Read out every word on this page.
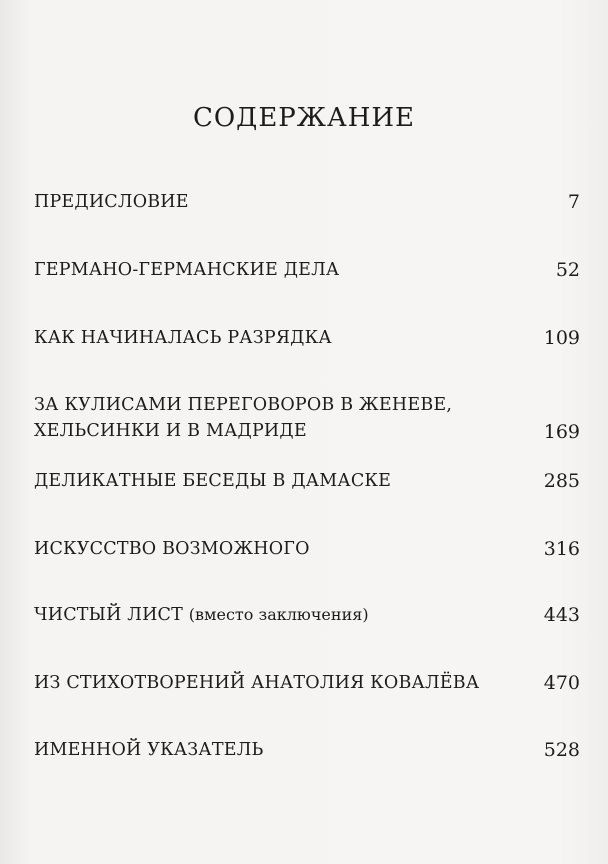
СОДЕРЖАНИЕ
ПРЕДИСЛОВИЕ	7
ГЕРМАНО-ГЕРМАНСКИЕ ДЕЛА	52
КАК НАЧИНАЛАСЬ РАЗРЯДКА	109
ЗА КУЛИСАМИ ПЕРЕГОВОРОВ В ЖЕНЕВЕ,
ХЕЛЬСИНКИ И В МАДРИДЕ	169
ДЕЛИКАТНЫЕ БЕСЕДЫ В ДАМАСКЕ	285
ИСКУССТВО ВОЗМОЖНОГО	316
ЧИСТЫЙ ЛИСТ (вместо заключения)	443
ИЗ СТИХОТВОРЕНИЙ АНАТОЛИЯ КОВАЛЁВА	470
ИМЕННОЙ УКАЗАТЕЛЬ	528
